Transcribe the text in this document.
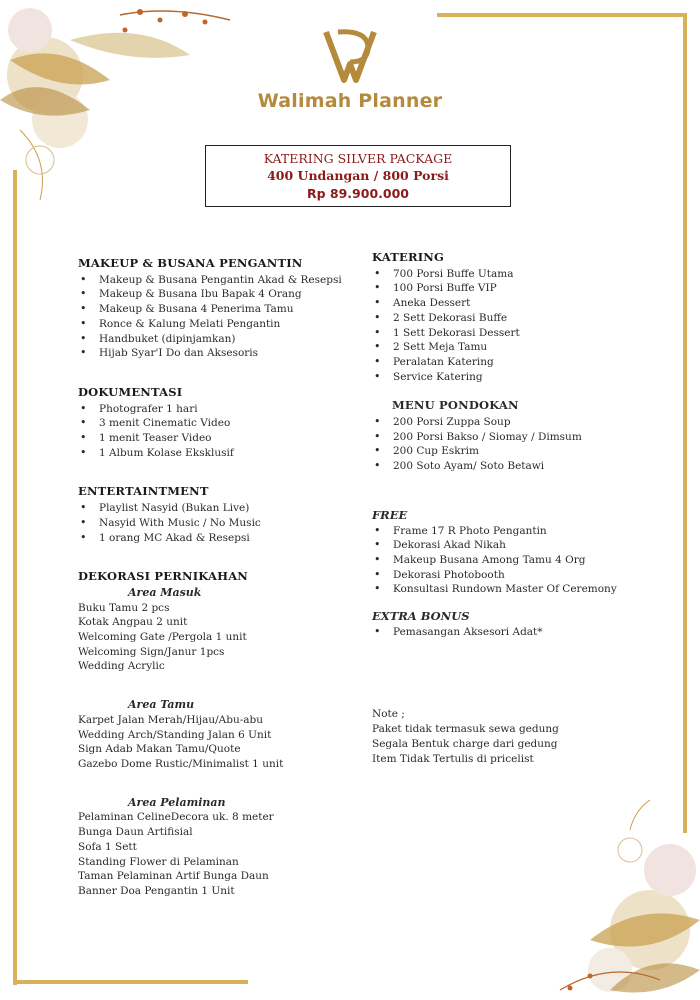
Walimah Planner
KATERING SILVER PACKAGE
400 Undangan / 800 Porsi
Rp 89.900.000
MAKEUP & BUSANA PENGANTIN
• Makeup & Busana Pengantin Akad & Resepsi
• Makeup & Busana Ibu Bapak 4 Orang
• Makeup & Busana 4 Penerima Tamu
• Ronce & Kalung Melati Pengantin
• Handbuket (dipinjamkan)
• Hijab Syar'I Do dan Aksesoris
DOKUMENTASI
• Photografer 1 hari
• 3 menit Cinematic Video
• 1 menit Teaser Video
• 1 Album Kolase Eksklusif
ENTERTAINTMENT
• Playlist Nasyid (Bukan Live)
• Nasyid With Music / No Music
• 1 orang MC Akad & Resepsi
DEKORASI PERNIKAHAN
Area Masuk
Buku Tamu 2 pcs
Kotak Angpau 2 unit
Welcoming Gate /Pergola 1 unit
Welcoming Sign/Janur 1pcs
Wedding Acrylic
Area Tamu
Karpet Jalan Merah/Hijau/Abu-abu
Wedding Arch/Standing Jalan 6 Unit
Sign Adab Makan Tamu/Quote
Gazebo Dome Rustic/Minimalist 1 unit
Area Pelaminan
Pelaminan CelineDecora uk. 8 meter
Bunga Daun Artifisial
Sofa 1 Sett
Standing Flower di Pelaminan
Taman Pelaminan Artif Bunga Daun
Banner Doa Pengantin 1 Unit
KATERING
• 700 Porsi Buffe Utama
• 100 Porsi Buffe VIP
• Aneka Dessert
• 2 Sett Dekorasi Buffe
• 1 Sett Dekorasi Dessert
• 2 Sett Meja Tamu
• Peralatan Katering
• Service Katering
MENU PONDOKAN
• 200 Porsi Zuppa Soup
• 200 Porsi Bakso / Siomay / Dimsum
• 200 Cup Eskrim
• 200 Soto Ayam/ Soto Betawi
FREE
• Frame 17 R Photo Pengantin
• Dekorasi Akad Nikah
• Makeup Busana Among Tamu 4 Org
• Dekorasi Photobooth
• Konsultasi Rundown Master Of Ceremony
EXTRA BONUS
• Pemasangan Aksesori Adat*
Note ;
Paket tidak termasuk sewa gedung
Segala Bentuk charge dari gedung
Item Tidak Tertulis di pricelist
